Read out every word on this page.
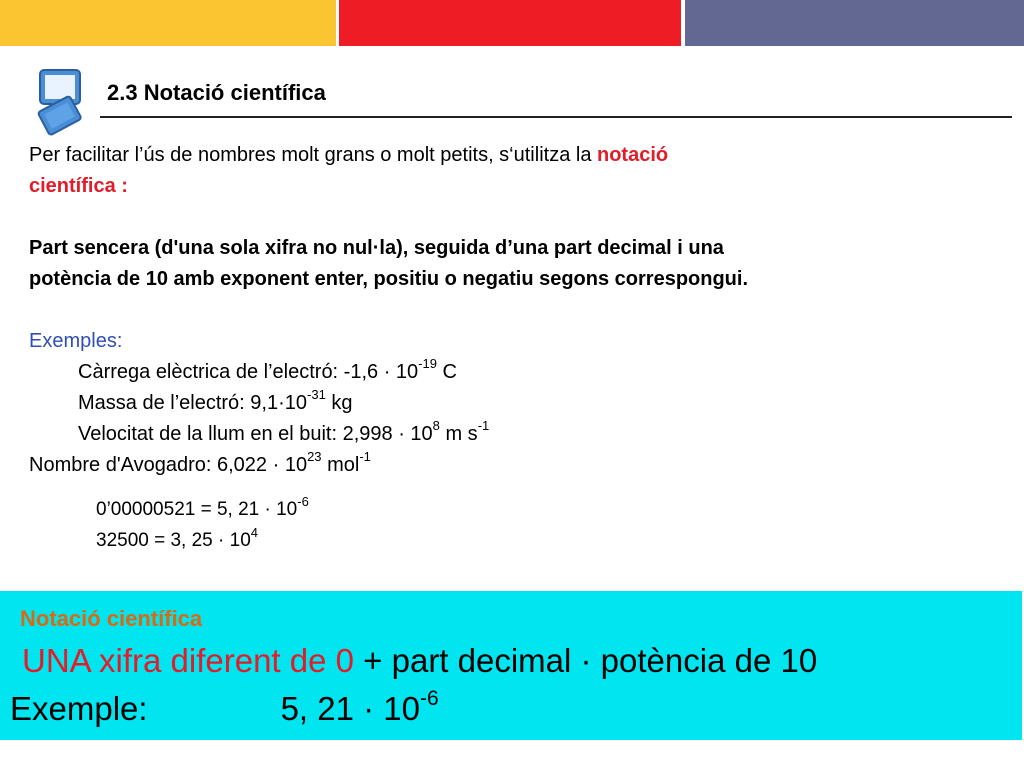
2.3 Notació científica
Per facilitar l’ús de nombres molt grans o molt petits, s‘utilitza la notació
científica :
Part sencera (d'una sola xifra no nul·la), seguida d’una part decimal i una
potència de 10 amb exponent enter, positiu o negatiu segons correspongui.
Exemples:
Càrrega elèctrica de l’electró: $-1,6 \cdot 10^{-19}$ C
Massa de l’electró: $9,1\cdot 10^{-31}$ kg
Velocitat de la llum en el buit: $2,998 \cdot 10^8$ m $s^{-1}$
Nombre d'Avogadro: $6,022 \cdot 10^{23}$ mol$^{-1}$
0’00000521 = 5, $21 \cdot 10^{-6}$
32500 = 3, $25 \cdot 10^4$
Notació científica
UNA xifra diferent de 0 + part decimal · potència de 10
Exemple:	5, $21 \cdot 10^{-6}$
